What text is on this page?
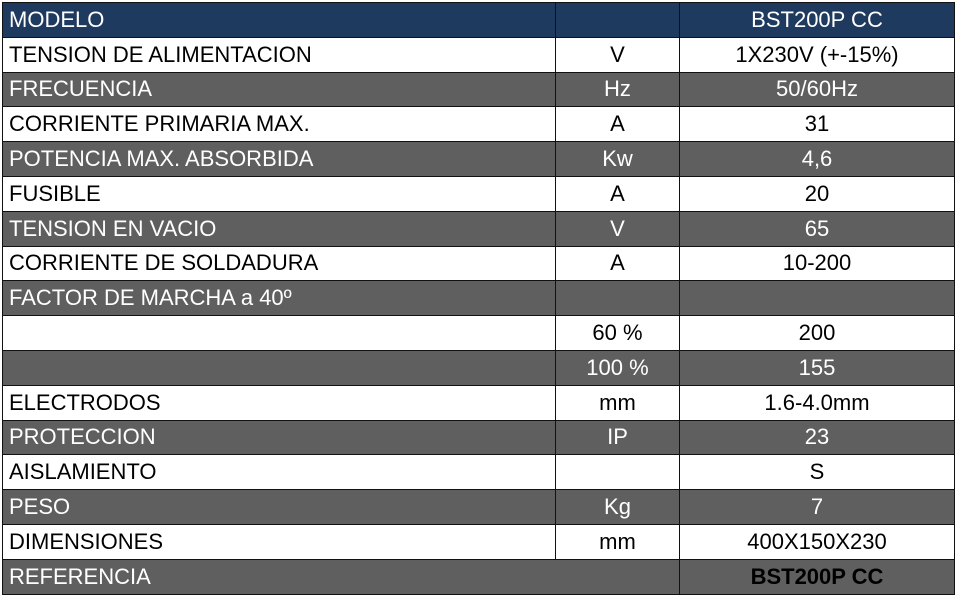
MODELO		BST200P CC
TENSION DE ALIMENTACION	V	1X230V (+-15%)
FRECUENCIA	Hz	50/60Hz
CORRIENTE PRIMARIA MAX.	A	31
POTENCIA MAX. ABSORBIDA	Kw	4,6
FUSIBLE	A	20
TENSION EN VACIO	V	65
CORRIENTE DE SOLDADURA	A	10-200
FACTOR DE MARCHA a 40º		
	60 %	200
	100 %	155
ELECTRODOS	mm	1.6-4.0mm
PROTECCION	IP	23
AISLAMIENTO		S
PESO	Kg	7
DIMENSIONES	mm	400X150X230
REFERENCIA		BST200P CC
